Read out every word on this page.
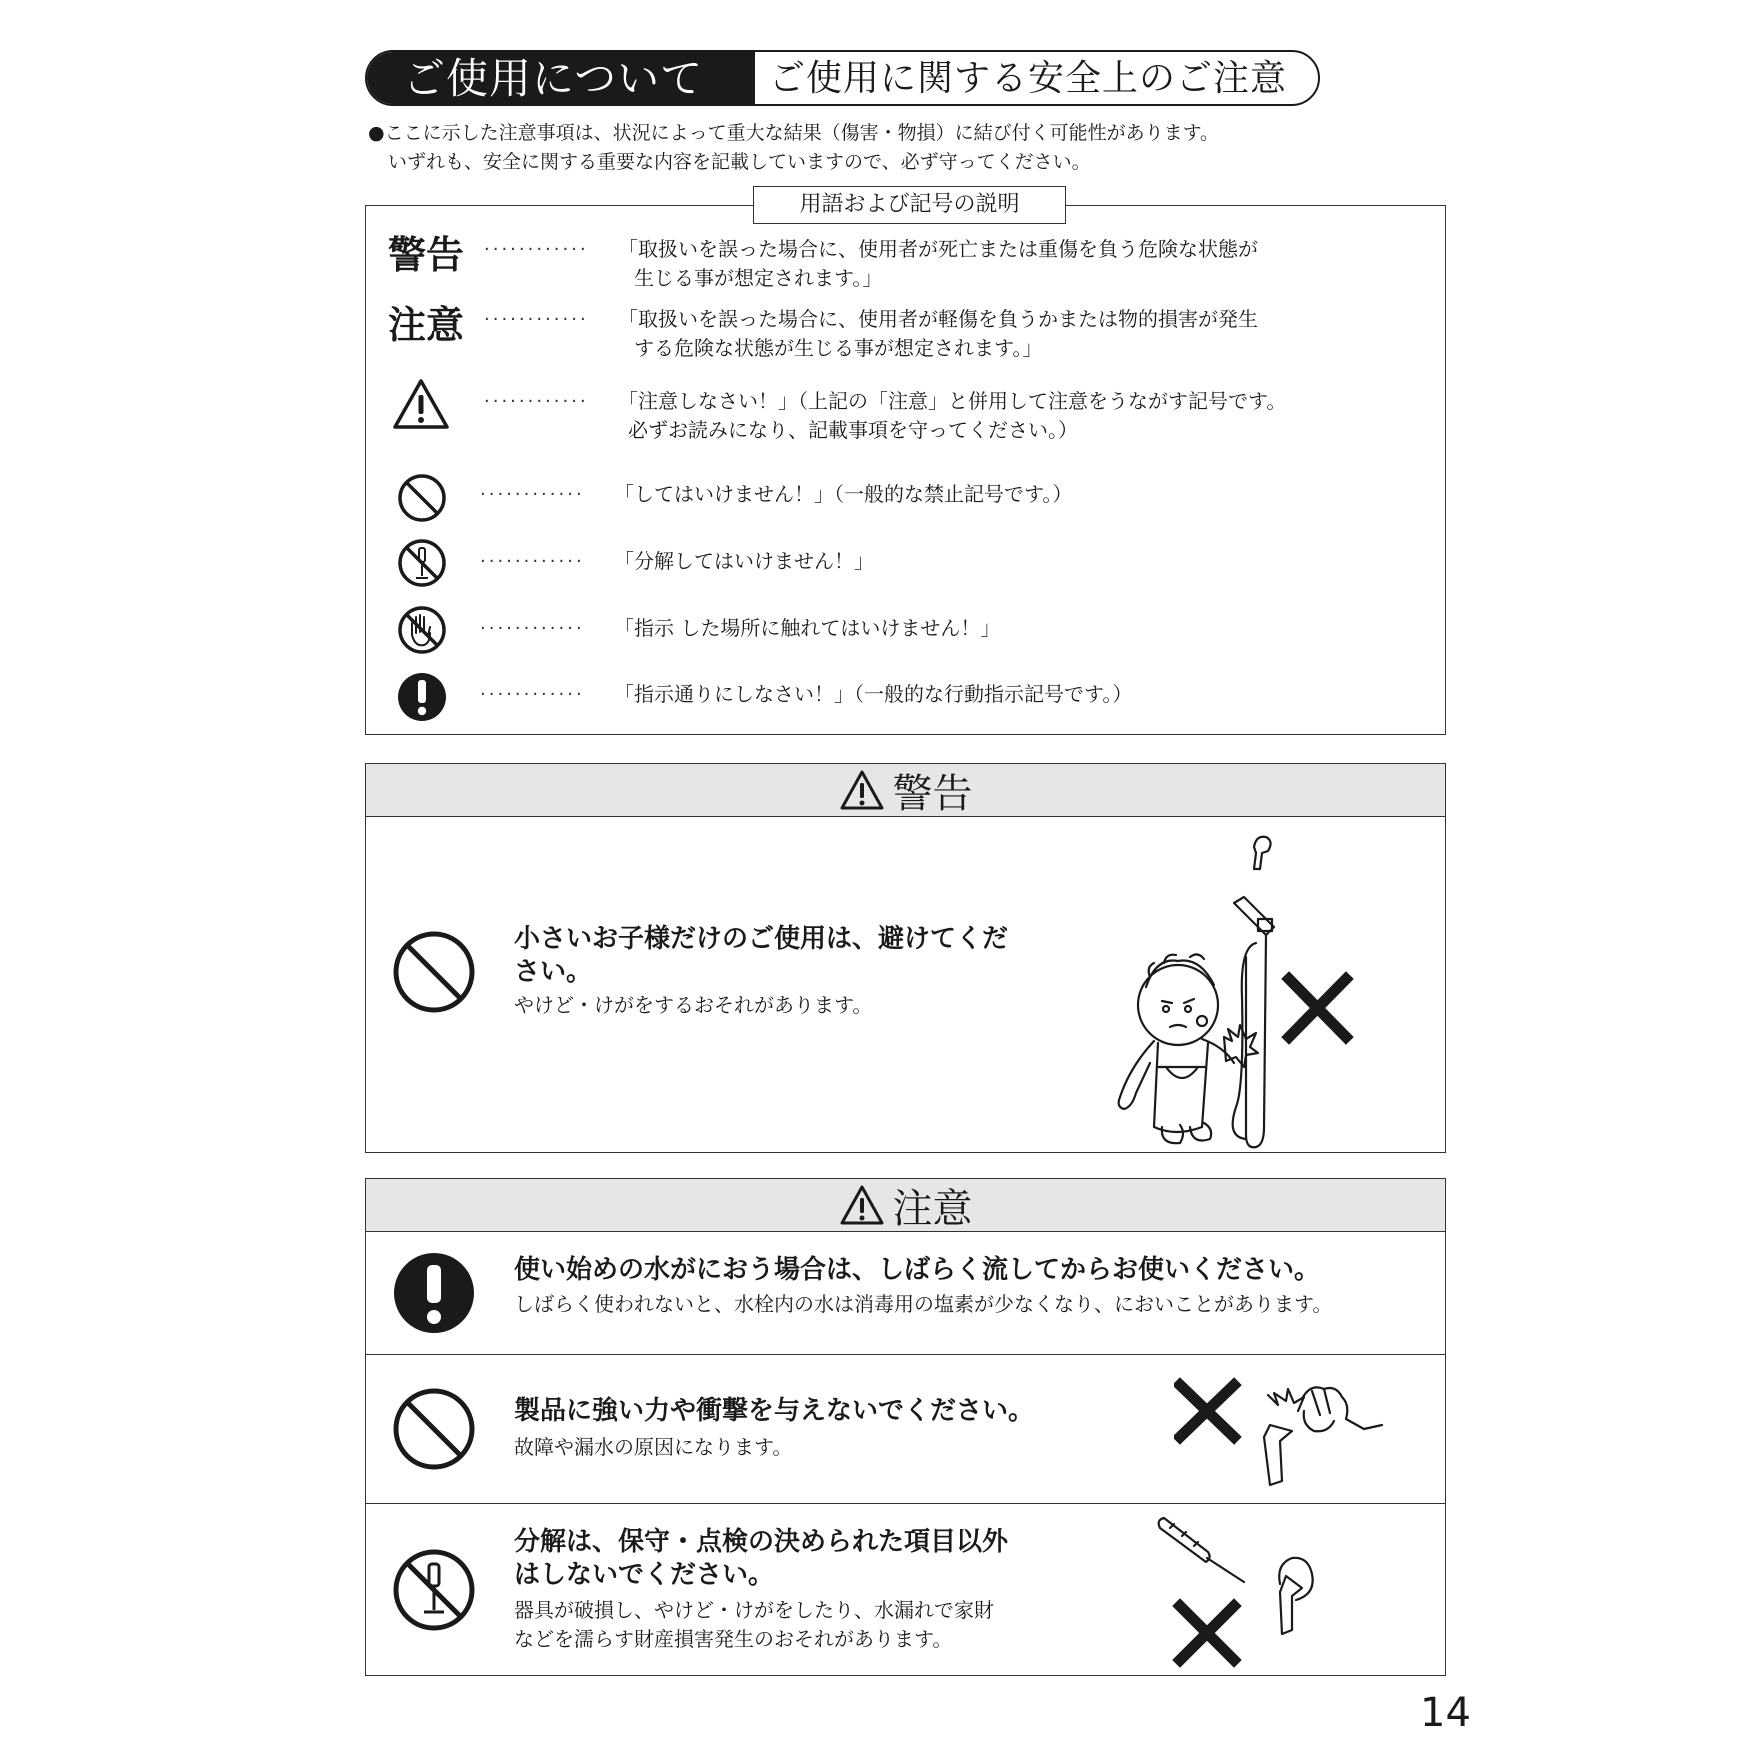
ご使用について	ご使用に関する安全上のご注意
●ここに示した注意事項は、状況によって重大な結果（傷害・物損）に結び付く可能性があります。
いずれも、安全に関する重要な内容を記載していますので、必ず守ってください。
用語および記号の説明
警告 ············ 「取扱いを誤った場合に、使用者が死亡または重傷を負う危険な状態が
生じる事が想定されます。」
注意 ············ 「取扱いを誤った場合に、使用者が軽傷を負うかまたは物的損害が発生
する危険な状態が生じる事が想定されます。」
············ 「注意しなさい！」（上記の「注意」と併用して注意をうながす記号です。
必ずお読みになり、記載事項を守ってください。）
············ 「してはいけません！」（一般的な禁止記号です。）
············ 「分解してはいけません！」
············ 「指示 した場所に触れてはいけません！」
············ 「指示通りにしなさい！」（一般的な行動指示記号です。）
警告
小さいお子様だけのご使用は、避けてくだ
さい。
やけど・けがをするおそれがあります。
注意
使い始めの水がにおう場合は、しばらく流してからお使いください。
しばらく使われないと、水栓内の水は消毒用の塩素が少なくなり、においことがあります。
製品に強い力や衝撃を与えないでください。
故障や漏水の原因になります。
分解は、保守・点検の決められた項目以外
はしないでください。
器具が破損し、やけど・けがをしたり、水漏れで家財
などを濡らす財産損害発生のおそれがあります。
14
